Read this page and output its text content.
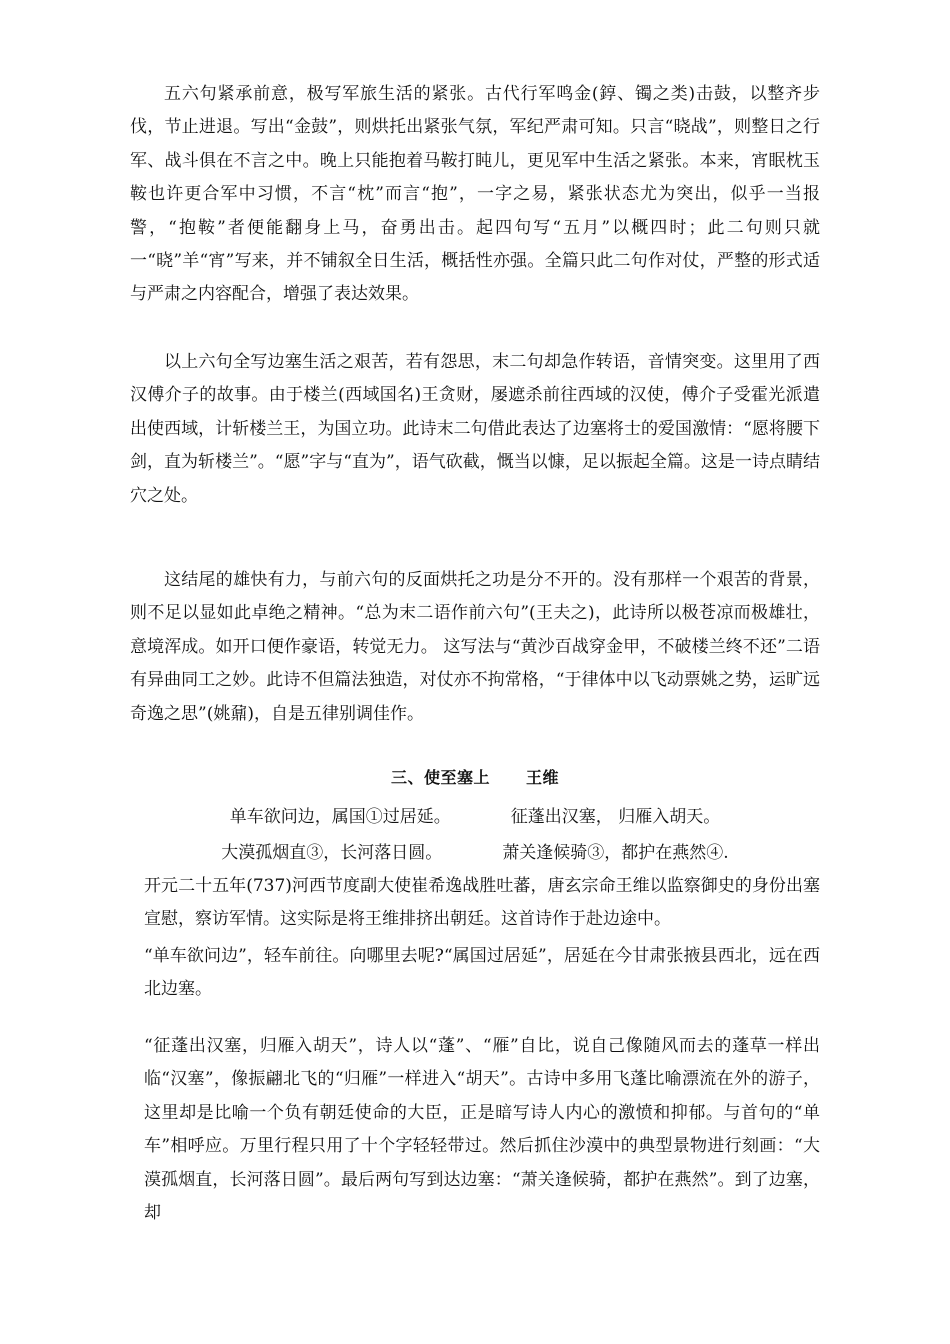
五六句紧承前意，极写军旅生活的紧张。古代行军鸣金(錞、镯之类)击鼓，以整齐步伐，节止进退。写出“金鼓”，则烘托出紧张气氛，军纪严肃可知。只言“晓战”，则整日之行军、战斗俱在不言之中。晚上只能抱着马鞍打盹儿，更见军中生活之紧张。本来，宵眠枕玉鞍也许更合军中习惯，不言“枕”而言“抱”，一字之易，紧张状态尤为突出，似乎一当报警，“抱鞍”者便能翻身上马，奋勇出击。起四句写“五月”以概四时；此二句则只就一“晓”羊“宵”写来，并不铺叙全日生活，概括性亦强。全篇只此二句作对仗，严整的形式适与严肃之内容配合，增强了表达效果。

以上六句全写边塞生活之艰苦，若有怨思，末二句却急作转语，音情突变。这里用了西汉傅介子的故事。由于楼兰(西域国名)王贪财，屡遮杀前往西域的汉使，傅介子受霍光派遣出使西域，计斩楼兰王，为国立功。此诗末二句借此表达了边塞将士的爱国激情：“愿将腰下剑，直为斩楼兰”。“愿”字与“直为”，语气砍截，慨当以慷，足以振起全篇。这是一诗点睛结穴之处。

这结尾的雄快有力，与前六句的反面烘托之功是分不开的。没有那样一个艰苦的背景，则不足以显如此卓绝之精神。“总为末二语作前六句”(王夫之)，此诗所以极苍凉而极雄壮，意境浑成。如开口便作豪语，转觉无力。 这写法与“黄沙百战穿金甲，不破楼兰终不还”二语有异曲同工之妙。此诗不但篇法独造，对仗亦不拘常格，“于律体中以飞动票姚之势，运旷远奇逸之思”(姚鼐)，自是五律别调佳作。

三、使至塞上 王维

单车欲问边，属国①过居延。	征蓬出汉塞， 归雁入胡天。

大漠孤烟直③，长河落日圆。	萧关逢候骑③，都护在燕然④.

开元二十五年(737)河西节度副大使崔希逸战胜吐蕃，唐玄宗命王维以监察御史的身份出塞宣慰，察访军情。这实际是将王维排挤出朝廷。这首诗作于赴边途中。

“单车欲问边”，轻车前往。向哪里去呢?“属国过居延”，居延在今甘肃张掖县西北，远在西北边塞。

“征蓬出汉塞，归雁入胡天”，诗人以“蓬”、“雁”自比，说自己像随风而去的蓬草一样出临“汉塞”，像振翩北飞的“归雁”一样进入“胡天”。古诗中多用飞蓬比喻漂流在外的游子，这里却是比喻一个负有朝廷使命的大臣，正是暗写诗人内心的激愤和抑郁。与首句的“单车”相呼应。万里行程只用了十个字轻轻带过。然后抓住沙漠中的典型景物进行刻画：“大漠孤烟直，长河落日圆”。最后两句写到达边塞：“萧关逢候骑，都护在燕然”。到了边塞，却
